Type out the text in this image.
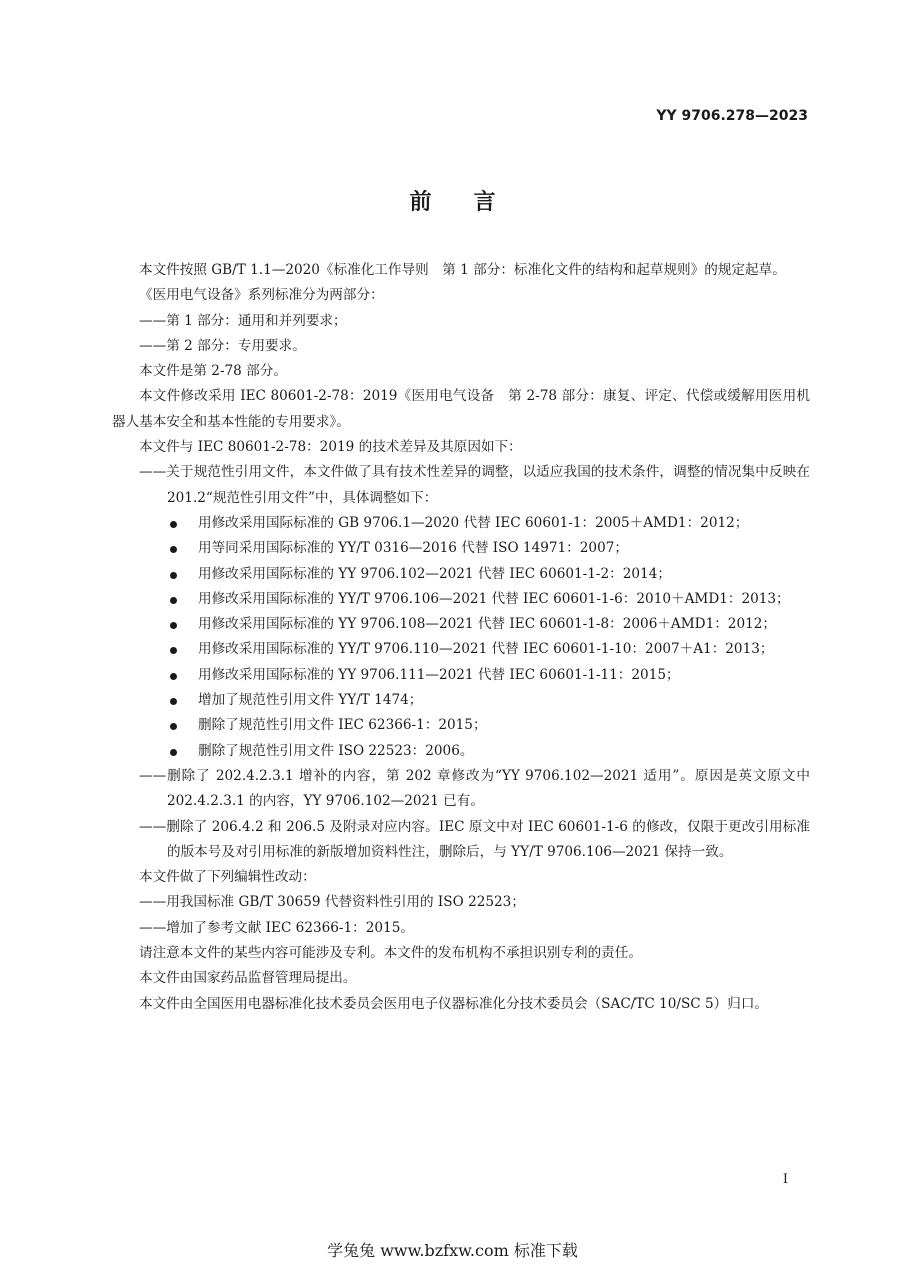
YY 9706.278—2023
前言

本文件按照 GB/T 1.1—2020《标准化工作导则　第 1 部分：标准化文件的结构和起草规则》的规定起草。

《医用电气设备》系列标准分为两部分：

——第 1 部分：通用和并列要求；

——第 2 部分：专用要求。

本文件是第 2-78 部分。

本文件修改采用 IEC 80601-2-78：2019《医用电气设备　第 2-78 部分：康复、评定、代偿或缓解用医用机器人基本安全和基本性能的专用要求》。

本文件与 IEC 80601-2-78：2019 的技术差异及其原因如下：

——关于规范性引用文件，本文件做了具有技术性差异的调整，以适应我国的技术条件，调整的情况集中反映在 201.2“规范性引用文件”中，具体调整如下：

用修改采用国际标准的 GB 9706.1—2020 代替 IEC 60601-1：2005＋AMD1：2012；
用等同采用国际标准的 YY/T 0316—2016 代替 ISO 14971：2007；
用修改采用国际标准的 YY 9706.102—2021 代替 IEC 60601-1-2：2014；
用修改采用国际标准的 YY/T 9706.106—2021 代替 IEC 60601-1-6：2010＋AMD1：2013；
用修改采用国际标准的 YY 9706.108—2021 代替 IEC 60601-1-8：2006＋AMD1：2012；
用修改采用国际标准的 YY/T 9706.110—2021 代替 IEC 60601-1-10：2007＋A1：2013；
用修改采用国际标准的 YY 9706.111—2021 代替 IEC 60601-1-11：2015；
增加了规范性引用文件 YY/T 1474；
删除了规范性引用文件 IEC 62366-1：2015；
删除了规范性引用文件 ISO 22523：2006。

——删除了 202.4.2.3.1 增补的内容，第 202 章修改为“YY 9706.102—2021 适用”。原因是英文原文中 202.4.2.3.1 的内容，YY 9706.102—2021 已有。

——删除了 206.4.2 和 206.5 及附录对应内容。IEC 原文中对 IEC 60601-1-6 的修改，仅限于更改引用标准的版本号及对引用标准的新版增加资料性注，删除后，与 YY/T 9706.106—2021 保持一致。

本文件做了下列编辑性改动：

——用我国标准 GB/T 30659 代替资料性引用的 ISO 22523；

——增加了参考文献 IEC 62366-1：2015。

请注意本文件的某些内容可能涉及专利。本文件的发布机构不承担识别专利的责任。

本文件由国家药品监督管理局提出。

本文件由全国医用电器标准化技术委员会医用电子仪器标准化分技术委员会（SAC/TC 10/SC 5）归口。

I
学兔兔 www.bzfxw.com 标准下载
